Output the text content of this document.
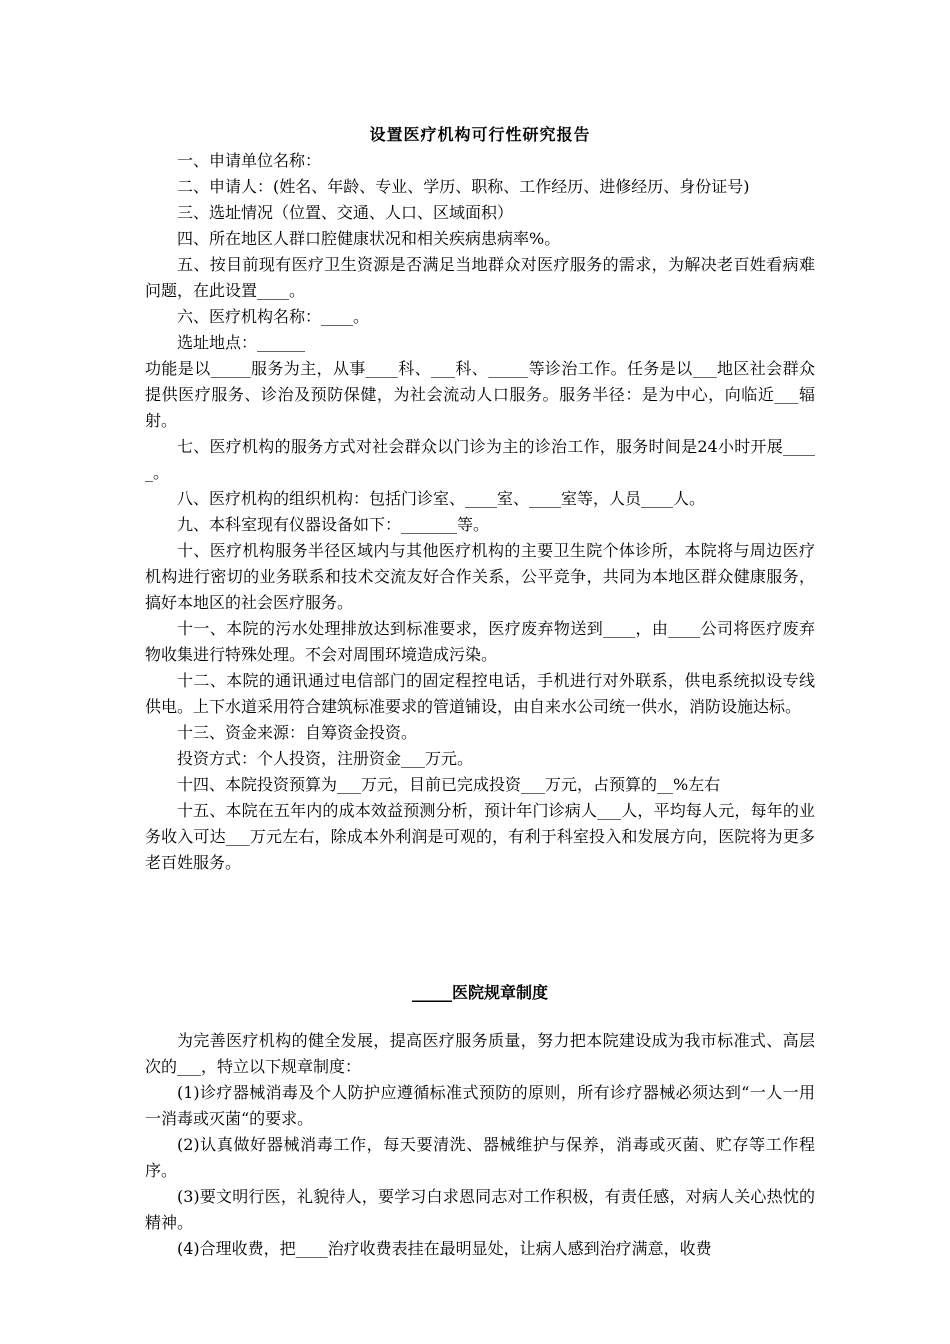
设置医疗机构可行性研究报告

一、申请单位名称：

二、申请人：(姓名、年龄、专业、学历、职称、工作经历、进修经历、身份证号)

三、选址情况（位置、交通、人口、区域面积）

四、所在地区人群口腔健康状况和相关疾病患病率%。

五、按目前现有医疗卫生资源是否满足当地群众对医疗服务的需求，为解决老百姓看病难问题，在此设置____。

六、医疗机构名称：____。

选址地点：______

功能是以_____服务为主，从事____科、___科、_____等诊治工作。任务是以___地区社会群众提供医疗服务、诊治及预防保健，为社会流动人口服务。服务半径：是为中心，向临近___辐射。

七、医疗机构的服务方式对社会群众以门诊为主的诊治工作，服务时间是24小时开展_____。

八、医疗机构的组织机构：包括门诊室、____室、____室等，人员____人。

九、本科室现有仪器设备如下：_______等。

十、医疗机构服务半径区域内与其他医疗机构的主要卫生院个体诊所，本院将与周边医疗机构进行密切的业务联系和技术交流友好合作关系，公平竞争，共同为本地区群众健康服务，搞好本地区的社会医疗服务。

十一、本院的污水处理排放达到标准要求，医疗废弃物送到____，由____公司将医疗废弃物收集进行特殊处理。不会对周围环境造成污染。

十二、本院的通讯通过电信部门的固定程控电话，手机进行对外联系，供电系统拟设专线供电。上下水道采用符合建筑标准要求的管道铺设，由自来水公司统一供水，消防设施达标。

十三、资金来源：自筹资金投资。

投资方式：个人投资，注册资金___万元。

十四、本院投资预算为___万元，目前已完成投资___万元，占预算的__%左右

十五、本院在五年内的成本效益预测分析，预计年门诊病人___人，平均每人元，每年的业务收入可达___万元左右，除成本外利润是可观的，有利于科室投入和发展方向，医院将为更多老百姓服务。

_____医院规章制度

为完善医疗机构的健全发展，提高医疗服务质量，努力把本院建设成为我市标准式、高层次的___，特立以下规章制度：

(1)诊疗器械消毒及个人防护应遵循标准式预防的原则，所有诊疗器械必须达到“一人一用一消毒或灭菌“的要求。

(2)认真做好器械消毒工作，每天要清洗、器械维护与保养，消毒或灭菌、贮存等工作程序。

(3)要文明行医，礼貌待人，要学习白求恩同志对工作积极，有责任感，对病人关心热忱的精神。

(4)合理收费，把____治疗收费表挂在最明显处，让病人感到治疗满意，收费
